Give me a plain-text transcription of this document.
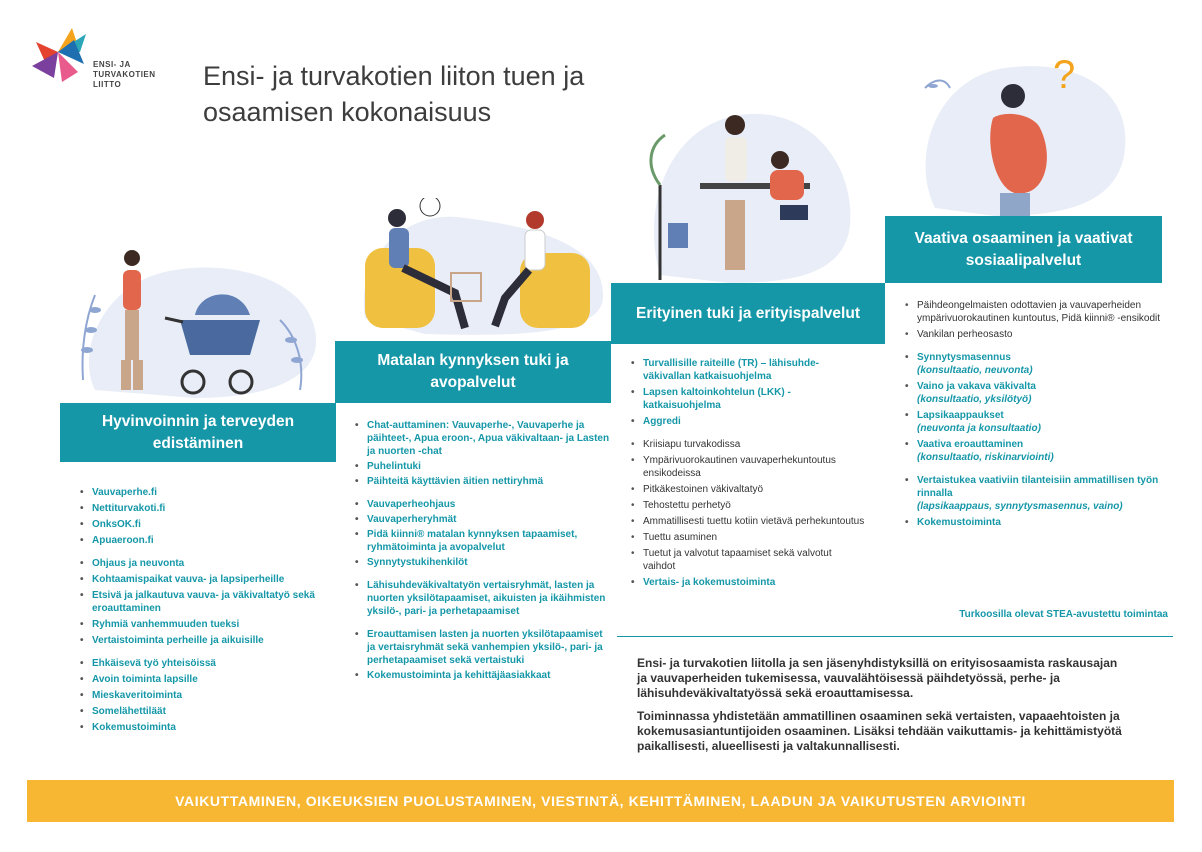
ENSI- JA
TURVAKOTIEN
LIITTO	Ensi- ja turvakotien liiton tuen ja osaamisen kokonaisuus
?
Hyvinvoinnin ja terveyden edistäminen
Matalan kynnyksen tuki ja avopalvelut
Erityinen tuki ja erityispalvelut
Vaativa osaaminen ja vaativat sosiaalipalvelut
• Vauvaperhe.fi
• Nettiturvakoti.fi
• OnksOK.fi
• Apuaeroon.fi
• Ohjaus ja neuvonta
• Kohtaamispaikat vauva- ja lapsiperheille
• Etsivä ja jalkautuva vauva- ja väkivaltatyö sekä eroauttaminen
• Ryhmiä vanhemmuuden tueksi
• Vertaistoiminta perheille ja aikuisille
• Ehkäisevä työ yhteisöissä
• Avoin toiminta lapsille
• Mieskaveritoiminta
• Somelähettiläät
• Kokemustoiminta
• Chat-auttaminen: Vauvaperhe-, Vauvaperhe ja päihteet-, Apua eroon-, Apua väkivaltaan- ja Lasten ja nuorten -chat
• Puhelintuki
• Päihteitä käyttävien äitien nettiryhmä
• Vauvaperheohjaus
• Vauvaperheryhmät
• Pidä kiinni® matalan kynnyksen tapaamiset, ryhmätoiminta ja avopalvelut
• Synnytystukihenkilöt
• Lähisuhdeväkivaltatyön vertaisryhmät, lasten ja nuorten yksilötapaamiset, aikuisten ja ikäihmisten yksilö-, pari- ja perhetapaamiset
• Eroauttamisen lasten ja nuorten yksilötapaamiset ja vertaisryhmät sekä vanhempien yksilö-, pari- ja perhetapaamiset sekä vertaistuki
• Kokemustoiminta ja kehittäjäasiakkaat
• Turvallisille raiteille (TR) – lähisuhde-väkivallan katkaisuohjelma
• Lapsen kaltoinkohtelun (LKK) -katkaisuohjelma
• Aggredi
• Kriisiapu turvakodissa
• Ympärivuorokautinen vauvaperhekuntoutus ensikodeissa
• Pitkäkestoinen väkivaltatyö
• Tehostettu perhetyö
• Ammatillisesti tuettu kotiin vietävä perhekuntoutus
• Tuettu asuminen
• Tuetut ja valvotut tapaamiset sekä valvotut vaihdot
• Vertais- ja kokemustoiminta
• Päihdeongelmaisten odottavien ja vauvaperheiden ympärivuorokautinen kuntoutus, Pidä kiinni® -ensikodit
• Vankilan perheosasto
• Synnytysmasennus
(konsultaatio, neuvonta)
• Vaino ja vakava väkivalta
(konsultaatio, yksilötyö)
• Lapsikaappaukset
(neuvonta ja konsultaatio)
• Vaativa eroauttaminen
(konsultaatio, riskinarviointi)
• Vertaistukea vaativiin tilanteisiin ammatillisen työn rinnalla
(lapsikaappaus, synnytysmasennus, vaino)
• Kokemustoiminta
Turkoosilla olevat STEA-avustettu toimintaa

Ensi- ja turvakotien liitolla ja sen jäsenyhdistyksillä on erityisosaamista raskausajan ja vauvaperheiden tukemisessa, vauvalähtöisessä päihdetyössä, perhe- ja lähisuhdeväkivaltatyössä sekä eroauttamisessa.

Toiminnassa yhdistetään ammatillinen osaaminen sekä vertaisten, vapaaehtoisten ja kokemusasiantuntijoiden osaaminen. Lisäksi tehdään vaikuttamis- ja kehittämistyötä paikallisesti, alueellisesti ja valtakunnallisesti.

VAIKUTTAMINEN, OIKEUKSIEN PUOLUSTAMINEN, VIESTINTÄ, KEHITTÄMINEN, LAADUN JA VAIKUTUSTEN ARVIOINTI
